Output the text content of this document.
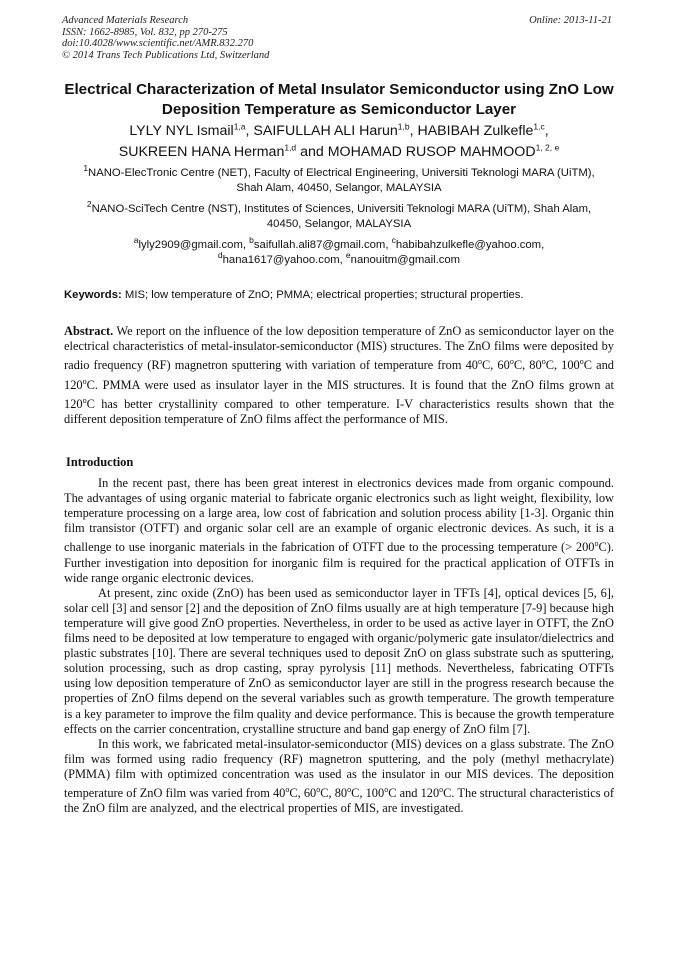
Advanced Materials Research
ISSN: 1662-8985, Vol. 832, pp 270-275
doi:10.4028/www.scientific.net/AMR.832.270
© 2014 Trans Tech Publications Ltd, Switzerland
Online: 2013-11-21
Electrical Characterization of Metal Insulator Semiconductor using ZnO Low Deposition Temperature as Semiconductor Layer
LYLY NYL Ismail$^{1,a}$, SAIFULLAH ALI Harun$^{1,b}$, HABIBAH Zulkefle$^{1,c}$,
SUKREEN HANA Herman$^{1,d}$ and MOHAMAD RUSOP MAHMOOD$^{1, 2, e}$
$^1$NANO-ElecTronic Centre (NET), Faculty of Electrical Engineering, Universiti Teknologi MARA (UiTM), Shah Alam, 40450, Selangor, MALAYSIA
$^2$NANO-SciTech Centre (NST), Institutes of Sciences, Universiti Teknologi MARA (UiTM), Shah Alam, 40450, Selangor, MALAYSIA
$^a$lyly2909@gmail.com, $^b$saifullah.ali87@gmail.com, $^c$habibahzulkefle@yahoo.com,
$^d$hana1617@yahoo.com, $^e$nanouitm@gmail.com
Keywords: MIS; low temperature of ZnO; PMMA; electrical properties; structural properties.

Abstract. We report on the influence of the low deposition temperature of ZnO as semiconductor layer on the electrical characteristics of metal-insulator-semiconductor (MIS) structures. The ZnO films were deposited by radio frequency (RF) magnetron sputtering with variation of temperature from 40$^o$C, 60$^o$C, 80$^o$C, 100$^o$C and 120$^o$C. PMMA were used as insulator layer in the MIS structures. It is found that the ZnO films grown at 120$^o$C has better crystallinity compared to other temperature. I-V characteristics results shown that the different deposition temperature of ZnO films affect the performance of MIS.

Introduction

In the recent past, there has been great interest in electronics devices made from organic compound. The advantages of using organic material to fabricate organic electronics such as light weight, flexibility, low temperature processing on a large area, low cost of fabrication and solution process ability [1-3]. Organic thin film transistor (OTFT) and organic solar cell are an example of organic electronic devices. As such, it is a challenge to use inorganic materials in the fabrication of OTFT due to the processing temperature (> $200^oC$). Further investigation into deposition for inorganic film is required for the practical application of OTFTs in wide range organic electronic devices.

At present, zinc oxide (ZnO) has been used as semiconductor layer in TFTs [4], optical devices [5, 6], solar cell [3] and sensor [2] and the deposition of ZnO films usually are at high temperature [7-9] because high temperature will give good ZnO properties. Nevertheless, in order to be used as active layer in OTFT, the ZnO films need to be deposited at low temperature to engaged with organic/polymeric gate insulator/dielectrics and plastic substrates [10]. There are several techniques used to deposit ZnO on glass substrate such as sputtering, solution processing, such as drop casting, spray pyrolysis [11] methods. Nevertheless, fabricating OTFTs using low deposition temperature of ZnO as semiconductor layer are still in the progress research because the properties of ZnO films depend on the several variables such as growth temperature. The growth temperature is a key parameter to improve the film quality and device performance. This is because the growth temperature effects on the carrier concentration, crystalline structure and band gap energy of ZnO film [7].

In this work, we fabricated metal-insulator-semiconductor (MIS) devices on a glass substrate. The ZnO film was formed using radio frequency (RF) magnetron sputtering, and the poly (methyl methacrylate) (PMMA) film with optimized concentration was used as the insulator in our MIS devices. The deposition temperature of ZnO film was varied from 40$^o$C, 60$^o$C, 80$^o$C, 100$^o$C and 120$^o$C. The structural characteristics of the ZnO film are analyzed, and the electrical properties of MIS, are investigated.
